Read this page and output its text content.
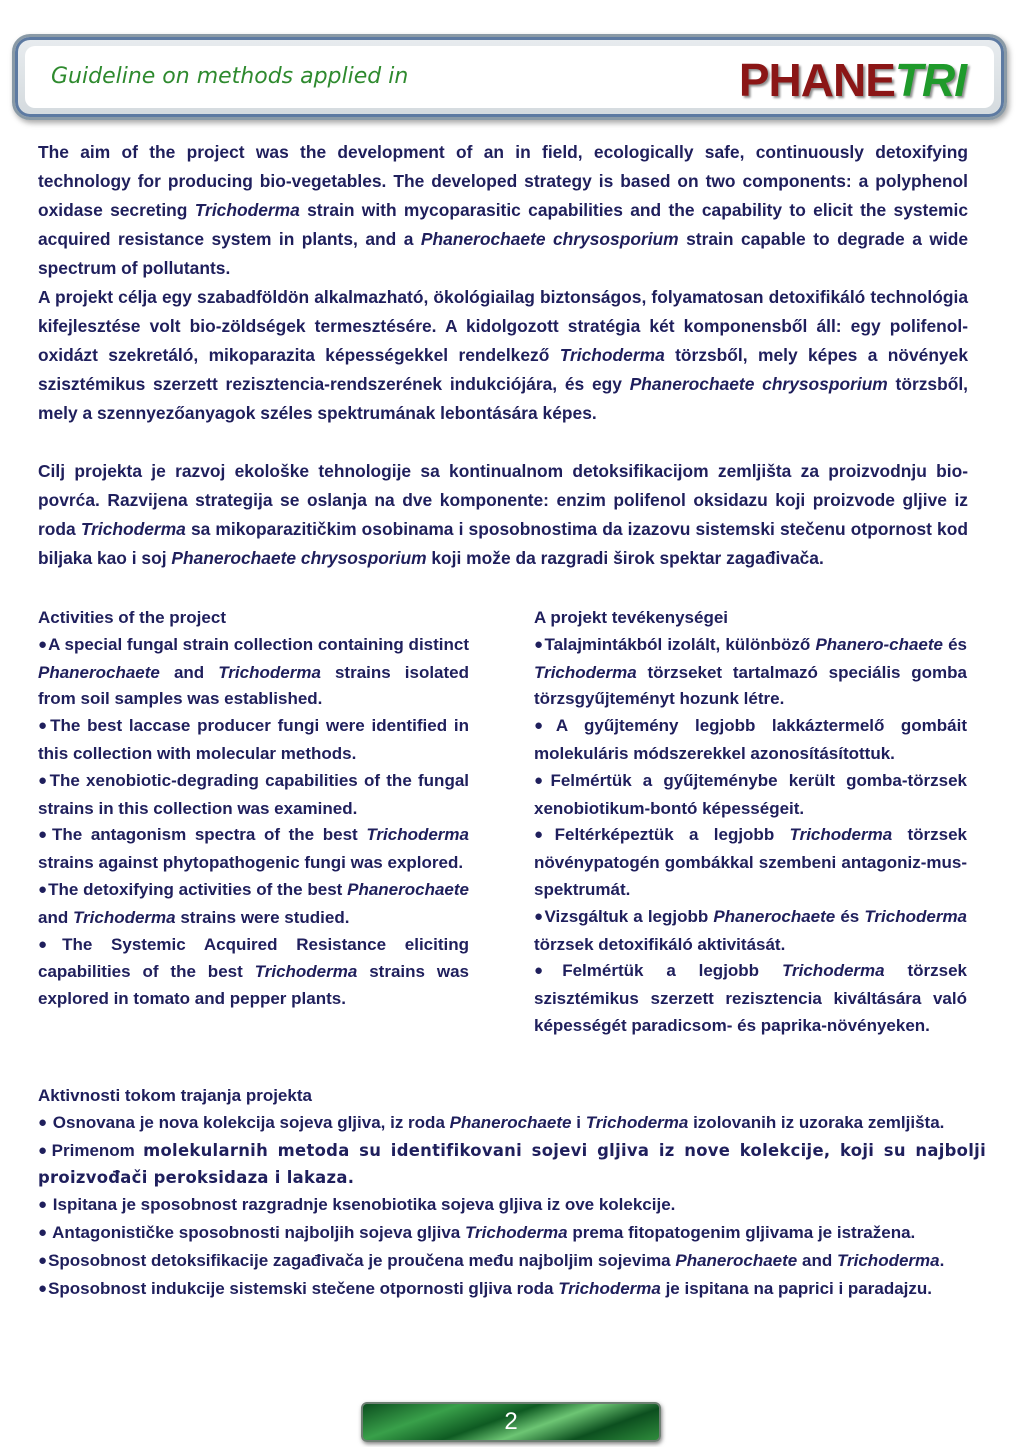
Guideline on methods applied in	PHANETRI

The aim of the project was the development of an in field, ecologically safe, continuously detoxifying technology for producing bio-vegetables. The developed strategy is based on two components: a polyphenol oxidase secreting Trichoderma strain with mycoparasitic capabilities and the capability to elicit the systemic acquired resistance system in plants, and a Phanerochaete chrysosporium strain capable to degrade a wide spectrum of pollutants.

A projekt célja egy szabadföldön alkalmazható, ökológiailag biztonságos, folyamatosan detoxifikáló technológia kifejlesztése volt bio-zöldségek termesztésére. A kidolgozott stratégia két komponensből áll: egy polifenol-oxidázt szekretáló, mikoparazita képességekkel rendelkező Trichoderma törzsből, mely képes a növények szisztémikus szerzett rezisztencia-rendszerének indukciójára, és egy Phanerochaete chrysosporium törzsből, mely a szennyezőanyagok széles spektrumának lebontására képes.

Cilj projekta je razvoj ekološke tehnologije sa kontinualnom detoksifikacijom zemljišta za proizvodnju bio-povrća. Razvijena strategija se oslanja na dve komponente: enzim polifenol oksidazu koji proizvode gljive iz roda Trichoderma sa mikoparazitičkim osobinama i sposobnostima da izazovu sistemski stečenu otpornost kod biljaka kao i soj Phanerochaete chrysosporium koji može da razgradi širok spektar zagađivača.

Activities of the project

● A special fungal strain collection containing distinct Phanerochaete and Trichoderma strains isolated from soil samples was established.

● The best laccase producer fungi were identified in this collection with molecular methods.

● The xenobiotic-degrading capabilities of the fungal strains in this collection was examined.

● The antagonism spectra of the best Trichoderma strains against phytopathogenic fungi was explored.

● The detoxifying activities of the best Phanerochaete and Trichoderma strains were studied.

● The Systemic Acquired Resistance eliciting capabilities of the best Trichoderma strains was explored in tomato and pepper plants.

A projekt tevékenységei

● Talajmintákból izolált, különböző Phanero-chaete és Trichoderma törzseket tartalmazó speciális gomba törzsgyűjteményt hozunk létre.

● A gyűjtemény legjobb lakkáztermelő gombáit molekuláris módszerekkel azonosításítottuk.

● Felmértük a gyűjteménybe került gomba-törzsek xenobiotikum-bontó képességeit.

● Feltérképeztük a legjobb Trichoderma törzsek növénypatogén gombákkal szembeni antagoniz-mus-spektrumát.

● Vizsgáltuk a legjobb Phanerochaete és Trichoderma törzsek detoxifikáló aktivitását.

● Felmértük a legjobb Trichoderma törzsek szisztémikus szerzett rezisztencia kiváltására való képességét paradicsom- és paprika-növényeken.

Aktivnosti tokom trajanja projekta

● Osnovana je nova kolekcija sojeva gljiva, iz roda Phanerochaete i Trichoderma izolovanih iz uzoraka zemljišta.

● Primenom molekularnih metoda su identifikovani sojevi gljiva iz nove kolekcije, koji su najbolji proizvođači peroksidaza i lakaza.

● Ispitana je sposobnost razgradnje ksenobiotika sojeva gljiva iz ove kolekcije.

● Antagonističke sposobnosti najboljih sojeva gljiva Trichoderma prema fitopatogenim gljivama je istražena.

● Sposobnost detoksifikacije zagađivača je proučena među najboljim sojevima Phanerochaete and Trichoderma.

● Sposobnost indukcije sistemski stečene otpornosti gljiva roda Trichoderma je ispitana na paprici i paradajzu.

2
